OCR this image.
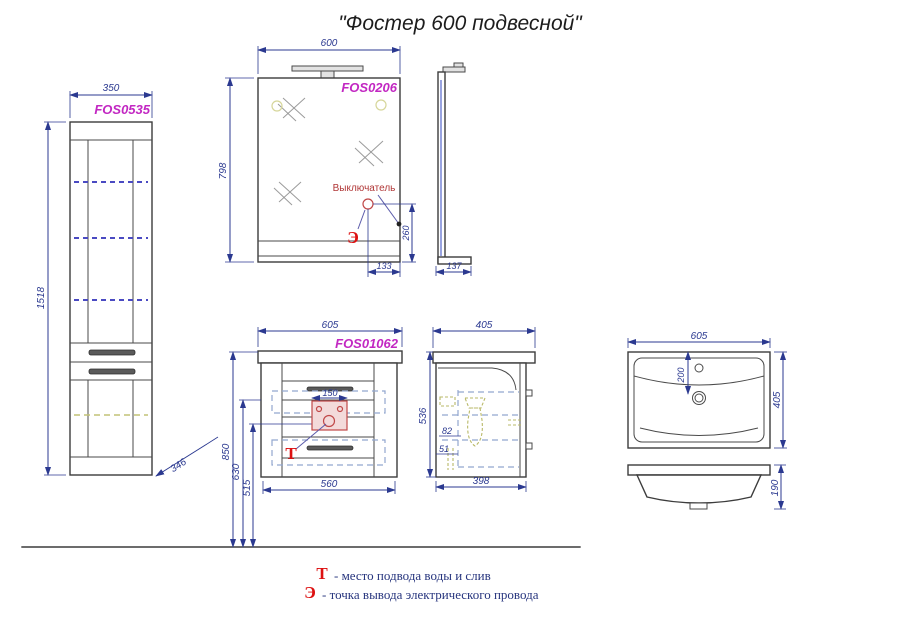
"Фостер 600 подвесной"
350
FOS0535
1518
346
FOS0206
Выключатель
Э
600
798
260
133	137
150
Т
FOS01062
605
850
630
515	560
405
536
82
51
398
605
405
200
190
Т - место подвода воды и слив
Э - точка вывода электрического провода
